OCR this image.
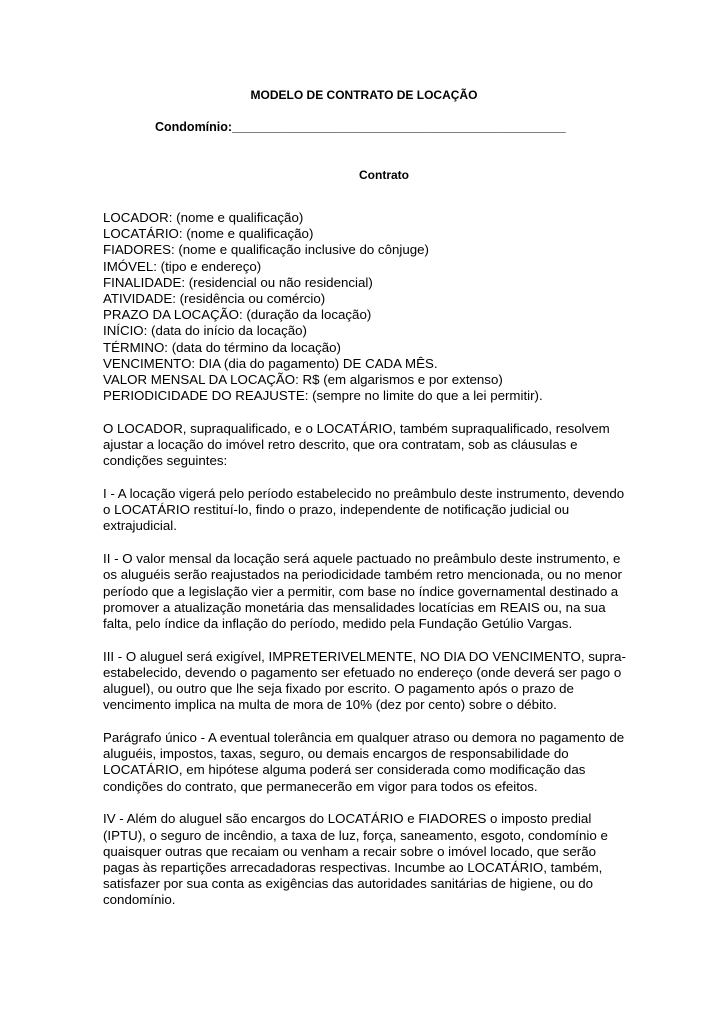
MODELO DE CONTRATO DE LOCAÇÃO
Condomínio:________________________________________________
Contrato
LOCADOR: (nome e qualificação)
LOCATÁRIO: (nome e qualificação)
FIADORES: (nome e qualificação inclusive do cônjuge)
IMÓVEL: (tipo e endereço)
FINALIDADE: (residencial ou não residencial)
ATIVIDADE: (residência ou comércio)
PRAZO DA LOCAÇÃO: (duração da locação)
INÍCIO: (data do início da locação)
TÉRMINO: (data do término da locação)
VENCIMENTO: DIA (dia do pagamento) DE CADA MÊS.
VALOR MENSAL DA LOCAÇÃO: R$ (em algarismos e por extenso)
PERIODICIDADE DO REAJUSTE: (sempre no limite do que a lei permitir).
O LOCADOR, supraqualificado, e o LOCATÁRIO, também supraqualificado, resolvem ajustar a locação do imóvel retro descrito, que ora contratam, sob as cláusulas e condições seguintes:
I - A locação vigerá pelo período estabelecido no preâmbulo deste instrumento, devendo o LOCATÁRIO restituí-lo, findo o prazo, independente de notificação judicial ou extrajudicial.
II - O valor mensal da locação será aquele pactuado no preâmbulo deste instrumento, e os aluguéis serão reajustados na periodicidade também retro mencionada, ou no menor período que a legislação vier a permitir, com base no índice governamental destinado a promover a atualização monetária das mensalidades locatícias em REAIS ou, na sua falta, pelo índice da inflação do período, medido pela Fundação Getúlio Vargas.
III - O aluguel será exigível, IMPRETERIVELMENTE, NO DIA DO VENCIMENTO, supra-estabelecido, devendo o pagamento ser efetuado no endereço (onde deverá ser pago o aluguel), ou outro que lhe seja fixado por escrito. O pagamento após o prazo de vencimento implica na multa de mora de 10% (dez por cento) sobre o débito.
Parágrafo único - A eventual tolerância em qualquer atraso ou demora no pagamento de aluguéis, impostos, taxas, seguro, ou demais encargos de responsabilidade do LOCATÁRIO, em hipótese alguma poderá ser considerada como modificação das condições do contrato, que permanecerão em vigor para todos os efeitos.
IV - Além do aluguel são encargos do LOCATÁRIO e FIADORES o imposto predial (IPTU), o seguro de incêndio, a taxa de luz, força, saneamento, esgoto, condomínio e quaisquer outras que recaiam ou venham a recair sobre o imóvel locado, que serão pagas às repartições arrecadadoras respectivas. Incumbe ao LOCATÁRIO, também, satisfazer por sua conta as exigências das autoridades sanitárias de higiene, ou do condomínio.
